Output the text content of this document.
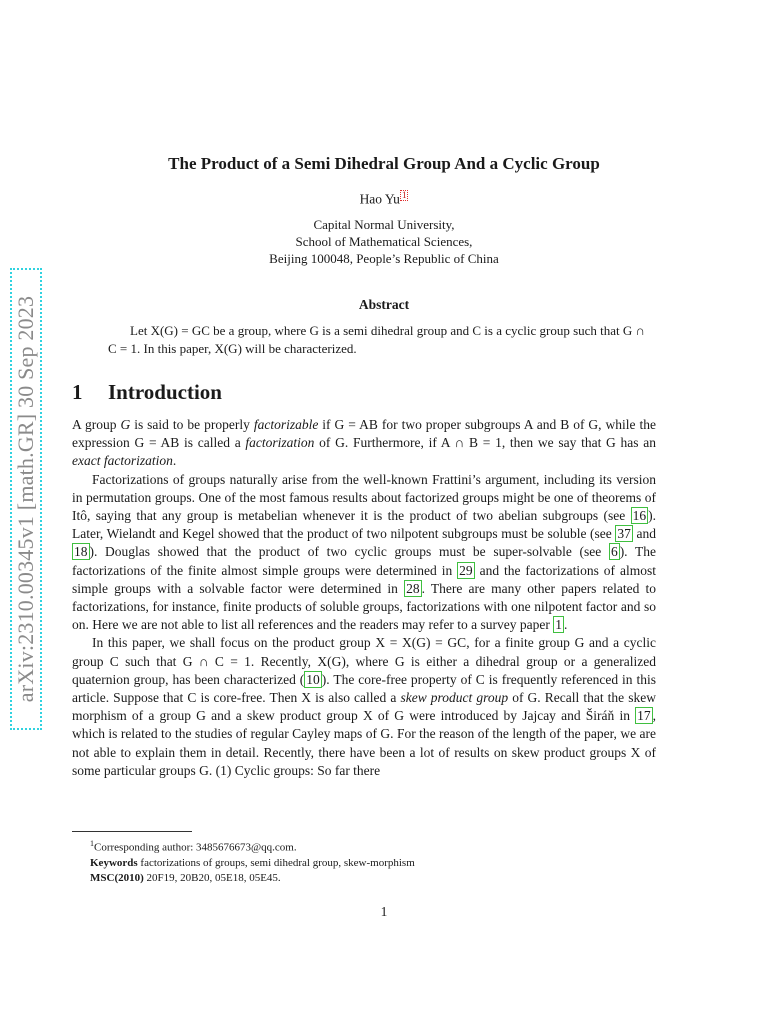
arXiv:2310.00345v1 [math.GR] 30 Sep 2023
The Product of a Semi Dihedral Group And a Cyclic Group
Hao Yu 1
Capital Normal University,
School of Mathematical Sciences,
Beijing 100048, People’s Republic of China
Abstract
Let X(G) = GC be a group, where G is a semi dihedral group and C is a cyclic group such that G ∩ C = 1. In this paper, X(G) will be characterized.
1 Introduction

A group G is said to be properly factorizable if G = AB for two proper subgroups A and B of G, while the expression G = AB is called a factorization of G. Furthermore, if A ∩ B = 1, then we say that G has an exact factorization.

Factorizations of groups naturally arise from the well-known Frattini’s argument, including its version in permutation groups. One of the most famous results about factorized groups might be one of theorems of Itô, saying that any group is metabelian whenever it is the product of two abelian subgroups (see 16 ). Later, Wielandt and Kegel showed that the product of two nilpotent subgroups must be soluble (see 37 and 18 ). Douglas showed that the product of two cyclic groups must be super-solvable (see 6 ). The factorizations of the finite almost simple groups were determined in 29 and the factorizations of almost simple groups with a solvable factor were determined in 28 . There are many other papers related to factorizations, for instance, finite products of soluble groups, factorizations with one nilpotent factor and so on. Here we are not able to list all references and the readers may refer to a survey paper 1 .

In this paper, we shall focus on the product group X = X(G) = GC, for a finite group G and a cyclic group C such that G ∩ C = 1. Recently, X(G), where G is either a dihedral group or a generalized quaternion group, has been characterized ( 10 ). The core-free property of C is frequently referenced in this article. Suppose that C is core-free. Then X is also called a skew product group of G. Recall that the skew morphism of a group G and a skew product group X of G were introduced by Jajcay and Širáň in 17 , which is related to the studies of regular Cayley maps of G. For the reason of the length of the paper, we are not able to explain them in detail. Recently, there have been a lot of results on skew product groups X of some particular groups G. (1) Cyclic groups: So far there

$^1$Corresponding author: 3485676673@qq.com.
Keywords factorizations of groups, semi dihedral group, skew-morphism
MSC(2010) 20F19, 20B20, 05E18, 05E45.
1
